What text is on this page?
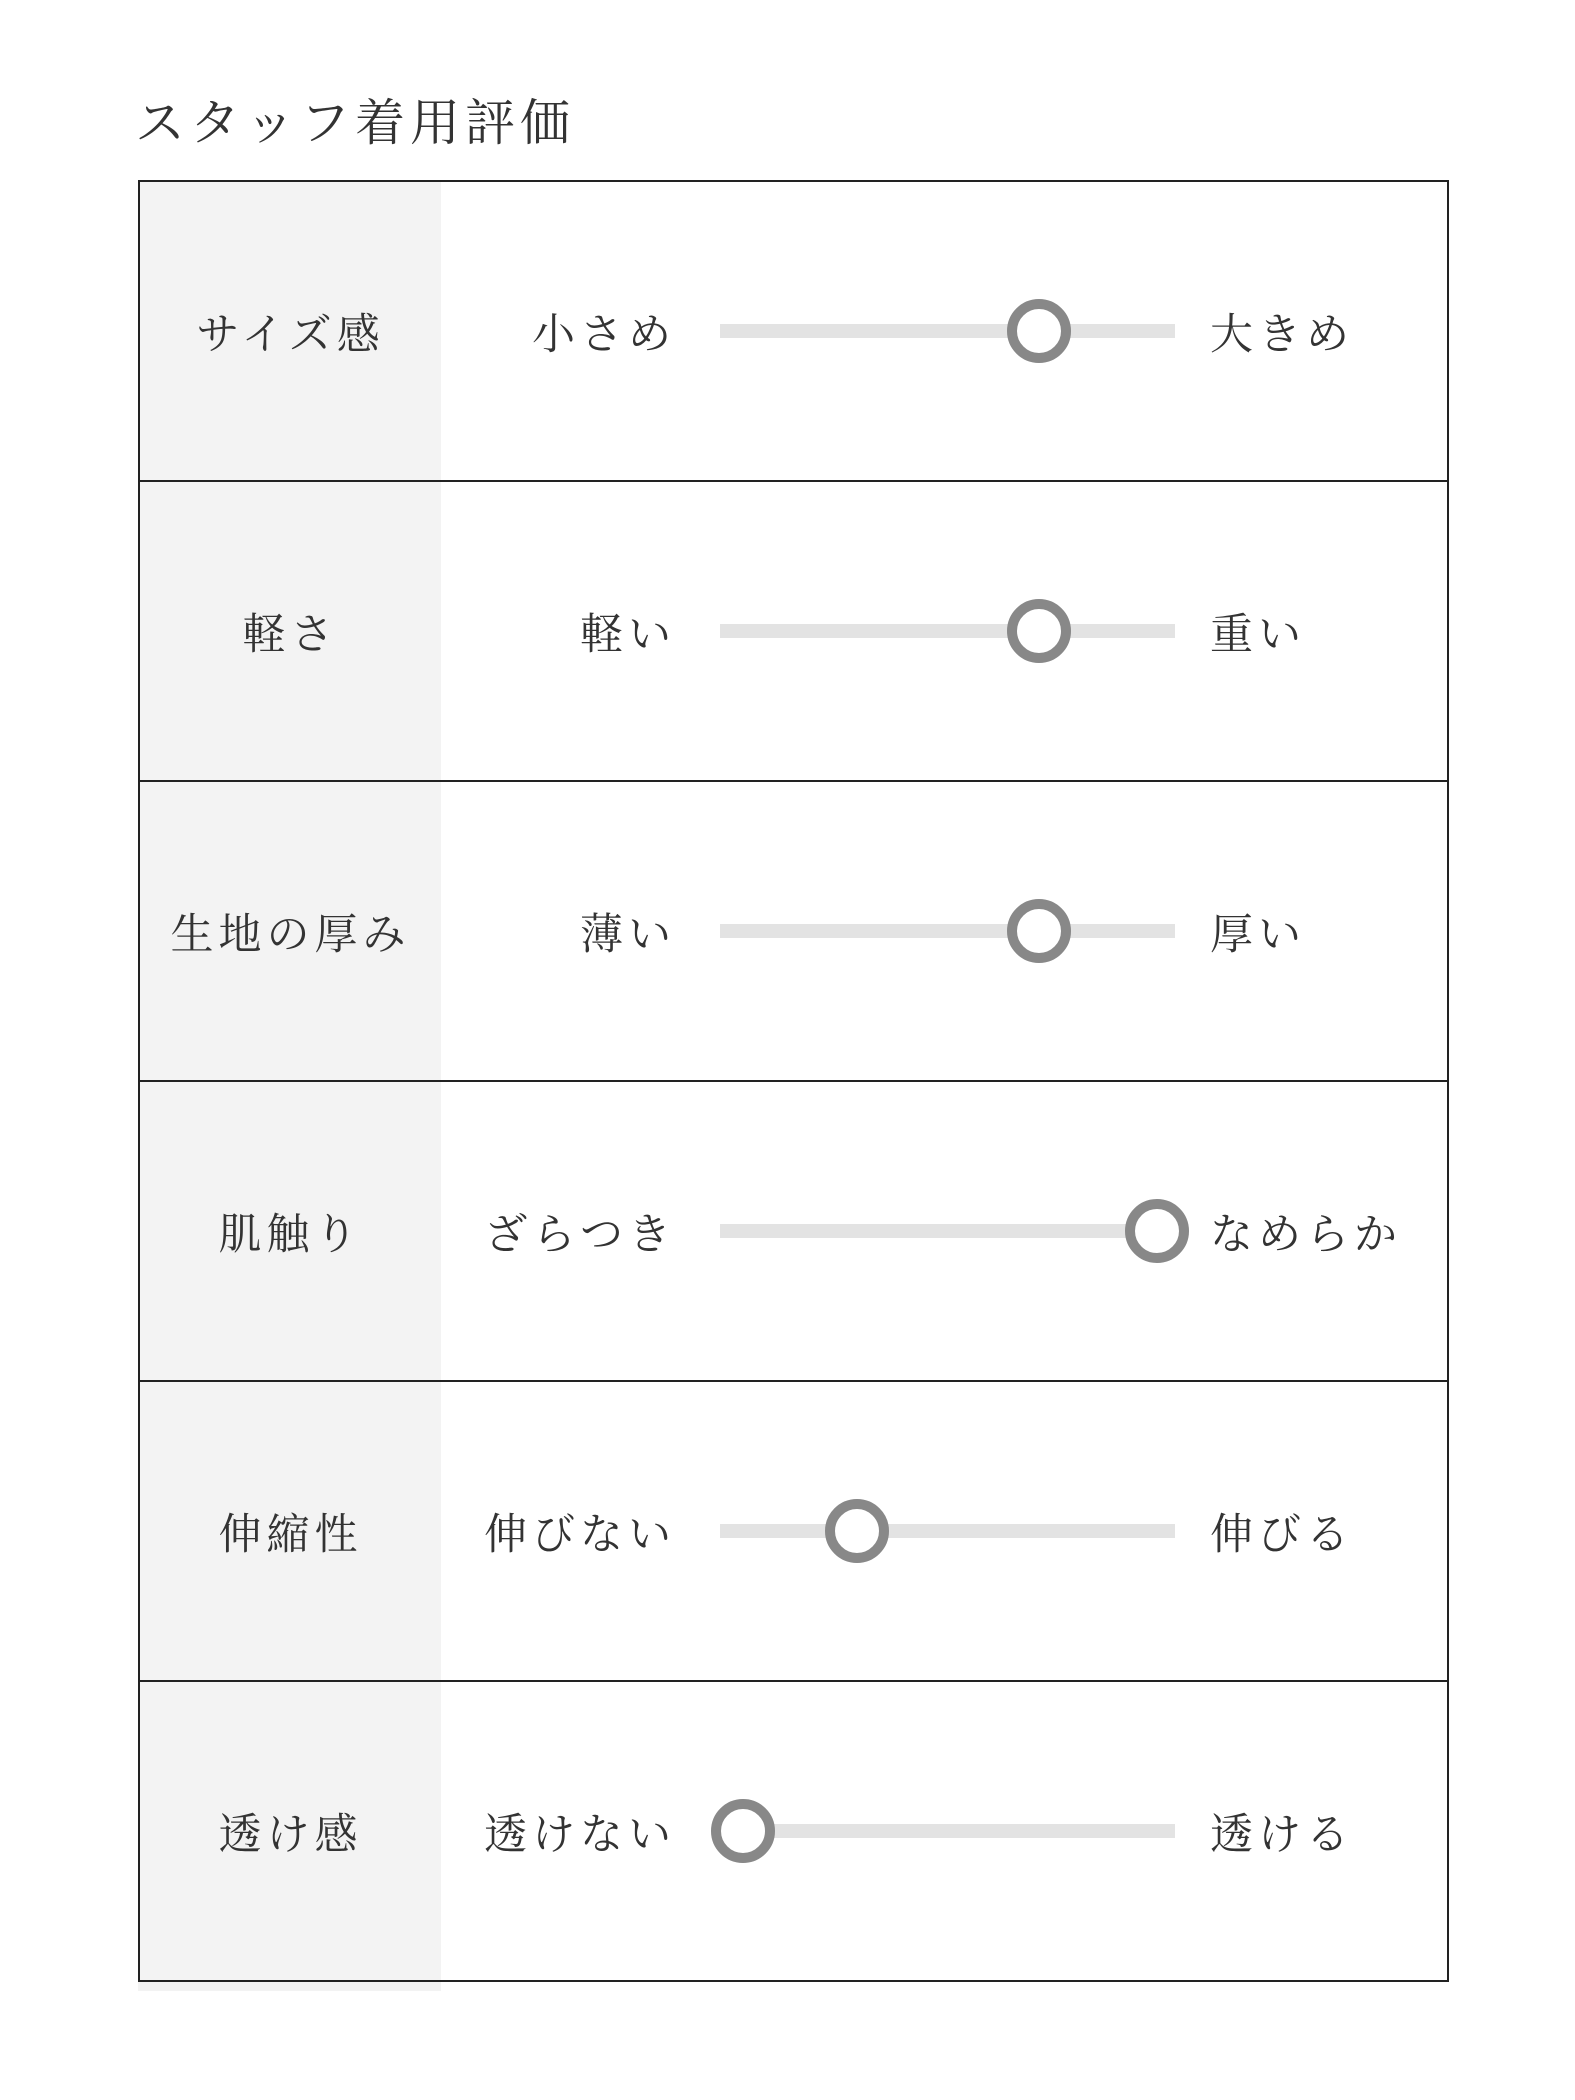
スタッフ着用評価
サイズ感	小さめ	大きめ
軽さ	軽い	重い
生地の厚み	薄い	厚い
肌触り	ざらつき	なめらか
伸縮性	伸びない	伸びる
透け感	透けない	透ける
